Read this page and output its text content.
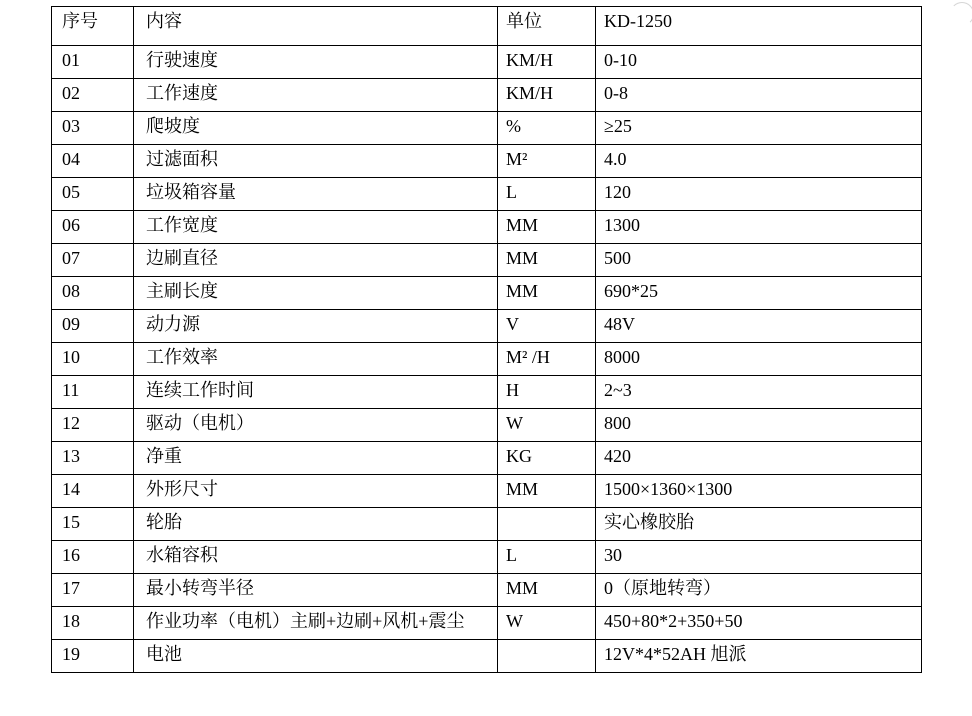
序号	内容	单位	KD-1250
01	行驶速度	KM/H	0-10
02	工作速度	KM/H	0-8
03	爬坡度	%	≥25
04	过滤面积	M²	4.0
05	垃圾箱容量	L	120
06	工作宽度	MM	1300
07	边刷直径	MM	500
08	主刷长度	MM	690*25
09	动力源	V	48V
10	工作效率	M² /H	8000
11	连续工作时间	H	2~3
12	驱动（电机）	W	800
13	净重	KG	420
14	外形尺寸	MM	1500×1360×1300
15	轮胎		实心橡胶胎
16	水箱容积	L	30
17	最小转弯半径	MM	0（原地转弯）
18	作业功率（电机）主刷+边刷+风机+震尘	W	450+80*2+350+50
19	电池		12V*4*52AH 旭派
